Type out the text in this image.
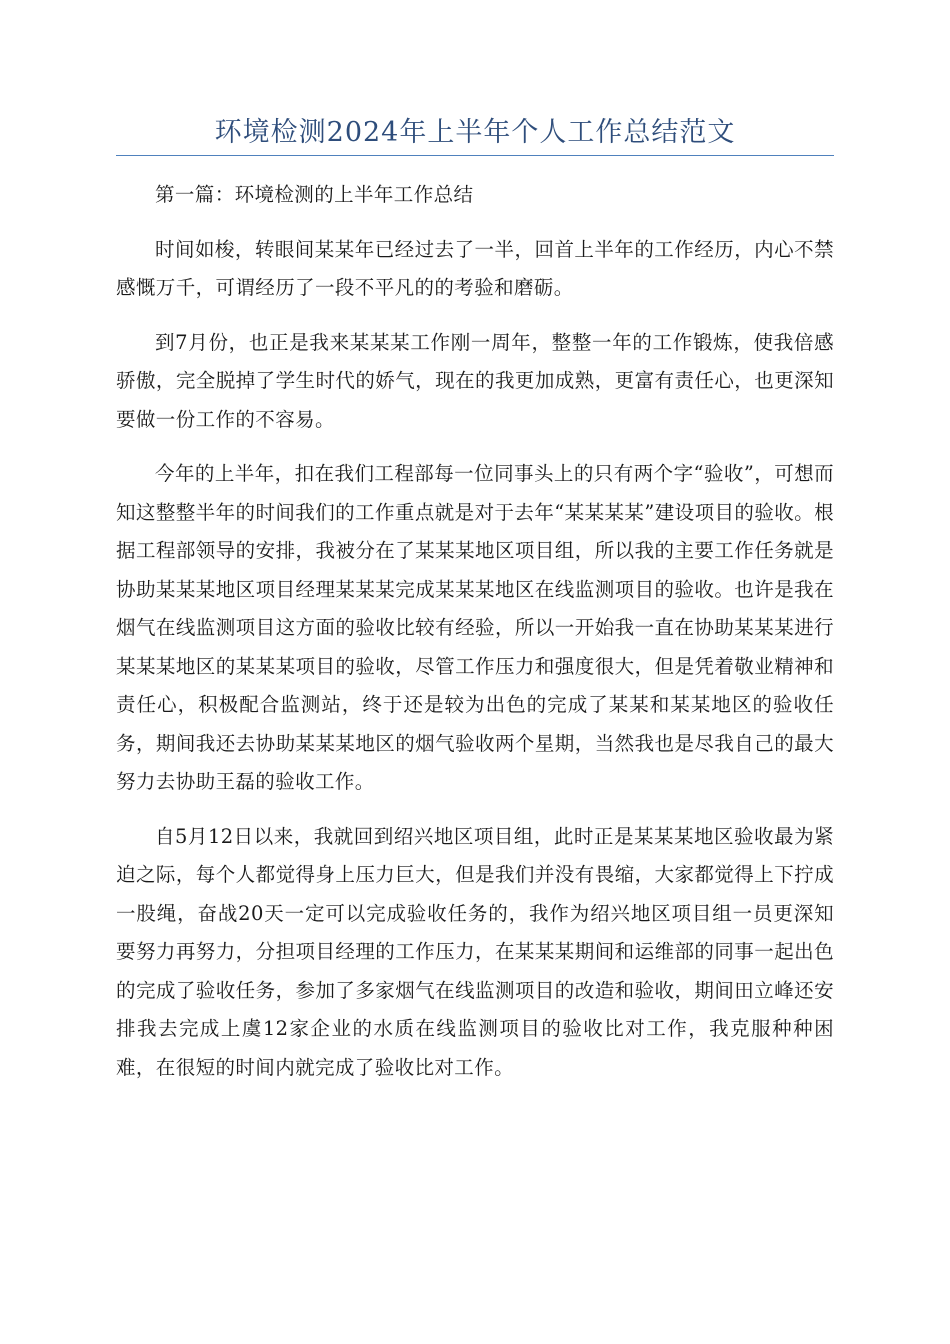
环境检测2024年上半年个人工作总结范文

第一篇：环境检测的上半年工作总结

时间如梭，转眼间某某年已经过去了一半，回首上半年的工作经历，内心不禁感慨万千，可谓经历了一段不平凡的的考验和磨砺。

到7月份，也正是我来某某某工作刚一周年，整整一年的工作锻炼，使我倍感骄傲，完全脱掉了学生时代的娇气，现在的我更加成熟，更富有责任心，也更深知要做一份工作的不容易。

今年的上半年，扣在我们工程部每一位同事头上的只有两个字“验收”，可想而知这整整半年的时间我们的工作重点就是对于去年“某某某某”建设项目的验收。根据工程部领导的安排，我被分在了某某某地区项目组，所以我的主要工作任务就是协助某某某地区项目经理某某某完成某某某地区在线监测项目的验收。也许是我在烟气在线监测项目这方面的验收比较有经验，所以一开始我一直在协助某某某进行某某某地区的某某某项目的验收，尽管工作压力和强度很大，但是凭着敬业精神和责任心，积极配合监测站，终于还是较为出色的完成了某某和某某地区的验收任务，期间我还去协助某某某地区的烟气验收两个星期，当然我也是尽我自己的最大努力去协助王磊的验收工作。

自5月12日以来，我就回到绍兴地区项目组，此时正是某某某地区验收最为紧迫之际，每个人都觉得身上压力巨大，但是我们并没有畏缩，大家都觉得上下拧成一股绳，奋战20天一定可以完成验收任务的，我作为绍兴地区项目组一员更深知要努力再努力，分担项目经理的工作压力，在某某某期间和运维部的同事一起出色的完成了验收任务，参加了多家烟气在线监测项目的改造和验收，期间田立峰还安排我去完成上虞12家企业的水质在线监测项目的验收比对工作，我克服种种困难，在很短的时间内就完成了验收比对工作。
